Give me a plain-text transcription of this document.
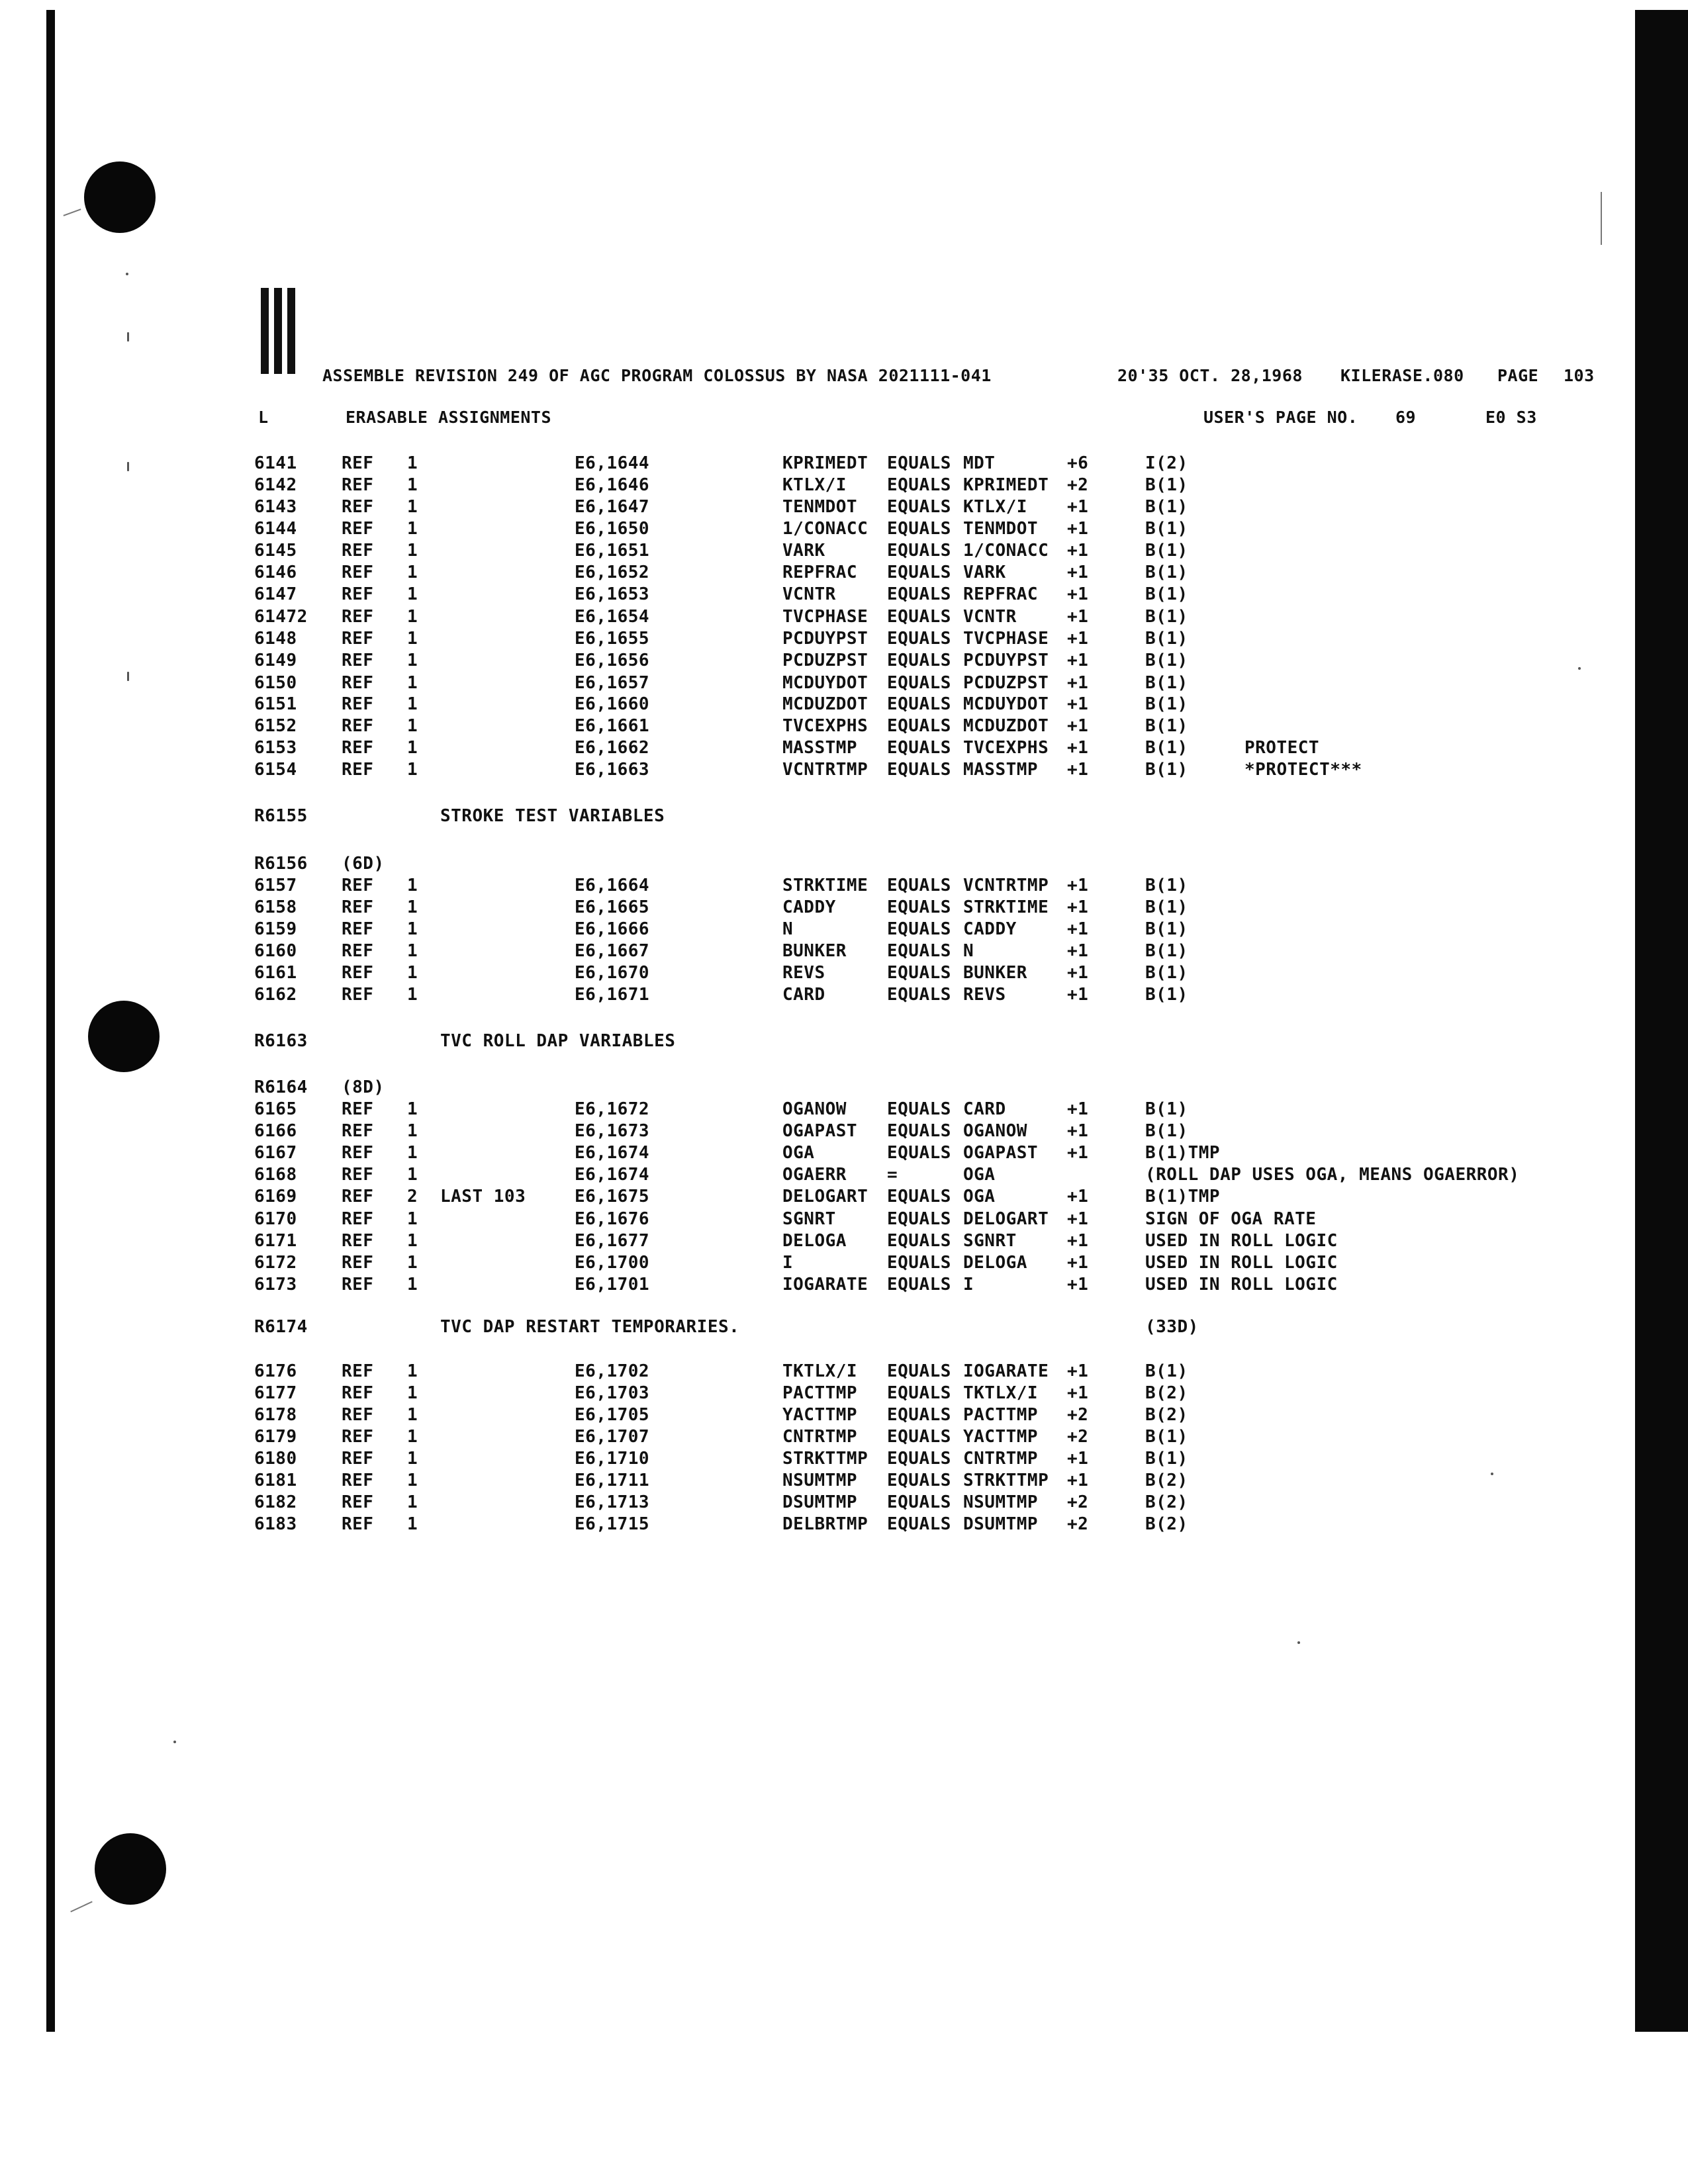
ASSEMBLE REVISION 249 OF AGC PROGRAM COLOSSUS BY NASA 2021111-041	20'35 OCT. 28,1968 KILERASE.080 PAGE 103
L	ERASABLE ASSIGNMENTS	USER'S PAGE NO. 69	E0 S3
6141	REF 1	E6,1644	KPRIMEDT EQUALS MDT	+6	I(2)
6142	REF 1	E6,1646	KTLX/I EQUALS KPRIMEDT +2	B(1)
6143	REF 1	E6,1647	TENMDOT EQUALS KTLX/I +1	B(1)
6144	REF 1	E6,1650	1/CONACC EQUALS TENMDOT +1	B(1)
6145	REF 1	E6,1651	VARK	EQUALS 1/CONACC +1	B(1)
6146	REF 1	E6,1652	REPFRAC EQUALS VARK	+1	B(1)
6147	REF 1	E6,1653	VCNTR	EQUALS REPFRAC +1	B(1)
61472 REF 1	E6,1654	TVCPHASE EQUALS VCNTR	+1	B(1)
6148	REF 1	E6,1655	PCDUYPST EQUALS TVCPHASE +1	B(1)
6149	REF 1	E6,1656	PCDUZPST EQUALS PCDUYPST +1	B(1)
6150	REF 1	E6,1657	MCDUYDOT EQUALS PCDUZPST +1	B(1)
6151	REF 1	E6,1660	MCDUZDOT EQUALS MCDUYDOT +1	B(1)
6152	REF 1	E6,1661	TVCEXPHS EQUALS MCDUZDOT +1	B(1)
6153	REF 1	E6,1662	MASSTMP EQUALS TVCEXPHS +1	B(1)	PROTECT
6154	REF 1	E6,1663	VCNTRTMP EQUALS MASSTMP +1	B(1)	*PROTECT***
R6155	STROKE TEST VARIABLES
R6156 (6D)
6157	REF 1	E6,1664	STRKTIME EQUALS VCNTRTMP +1	B(1)
6158	REF 1	E6,1665	CADDY	EQUALS STRKTIME +1	B(1)
6159	REF 1	E6,1666	N	EQUALS CADDY	+1	B(1)
6160	REF 1	E6,1667	BUNKER EQUALS N	+1	B(1)
6161	REF 1	E6,1670	REVS	EQUALS BUNKER +1	B(1)
6162	REF 1	E6,1671	CARD	EQUALS REVS	+1	B(1)
R6163	TVC ROLL DAP VARIABLES
R6164 (8D)
6165	REF 1	E6,1672	OGANOW EQUALS CARD	+1	B(1)
6166	REF 1	E6,1673	OGAPAST EQUALS OGANOW +1	B(1)
6167	REF 1	E6,1674	OGA	EQUALS OGAPAST +1	B(1)TMP
6168	REF 1	E6,1674	OGAERR =	OGA	(ROLL DAP USES OGA, MEANS OGAERROR)
6169	REF 2 LAST 103	E6,1675	DELOGART EQUALS OGA	+1	B(1)TMP
6170	REF 1	E6,1676	SGNRT	EQUALS DELOGART +1	SIGN OF OGA RATE
6171	REF 1	E6,1677	DELOGA EQUALS SGNRT	+1	USED IN ROLL LOGIC
6172	REF 1	E6,1700	I	EQUALS DELOGA +1	USED IN ROLL LOGIC
6173	REF 1	E6,1701	IOGARATE EQUALS I	+1	USED IN ROLL LOGIC
R6174	TVC DAP RESTART TEMPORARIES.	(33D)
6176	REF 1	E6,1702	TKTLX/I EQUALS IOGARATE +1	B(1)
6177	REF 1	E6,1703	PACTTMP EQUALS TKTLX/I +1	B(2)
6178	REF 1	E6,1705	YACTTMP EQUALS PACTTMP +2	B(2)
6179	REF 1	E6,1707	CNTRTMP EQUALS YACTTMP +2	B(1)
6180	REF 1	E6,1710	STRKTTMP EQUALS CNTRTMP +1	B(1)
6181	REF 1	E6,1711	NSUMTMP EQUALS STRKTTMP +1	B(2)
6182	REF 1	E6,1713	DSUMTMP EQUALS NSUMTMP +2	B(2)
6183	REF 1	E6,1715	DELBRTMP EQUALS DSUMTMP +2	B(2)
